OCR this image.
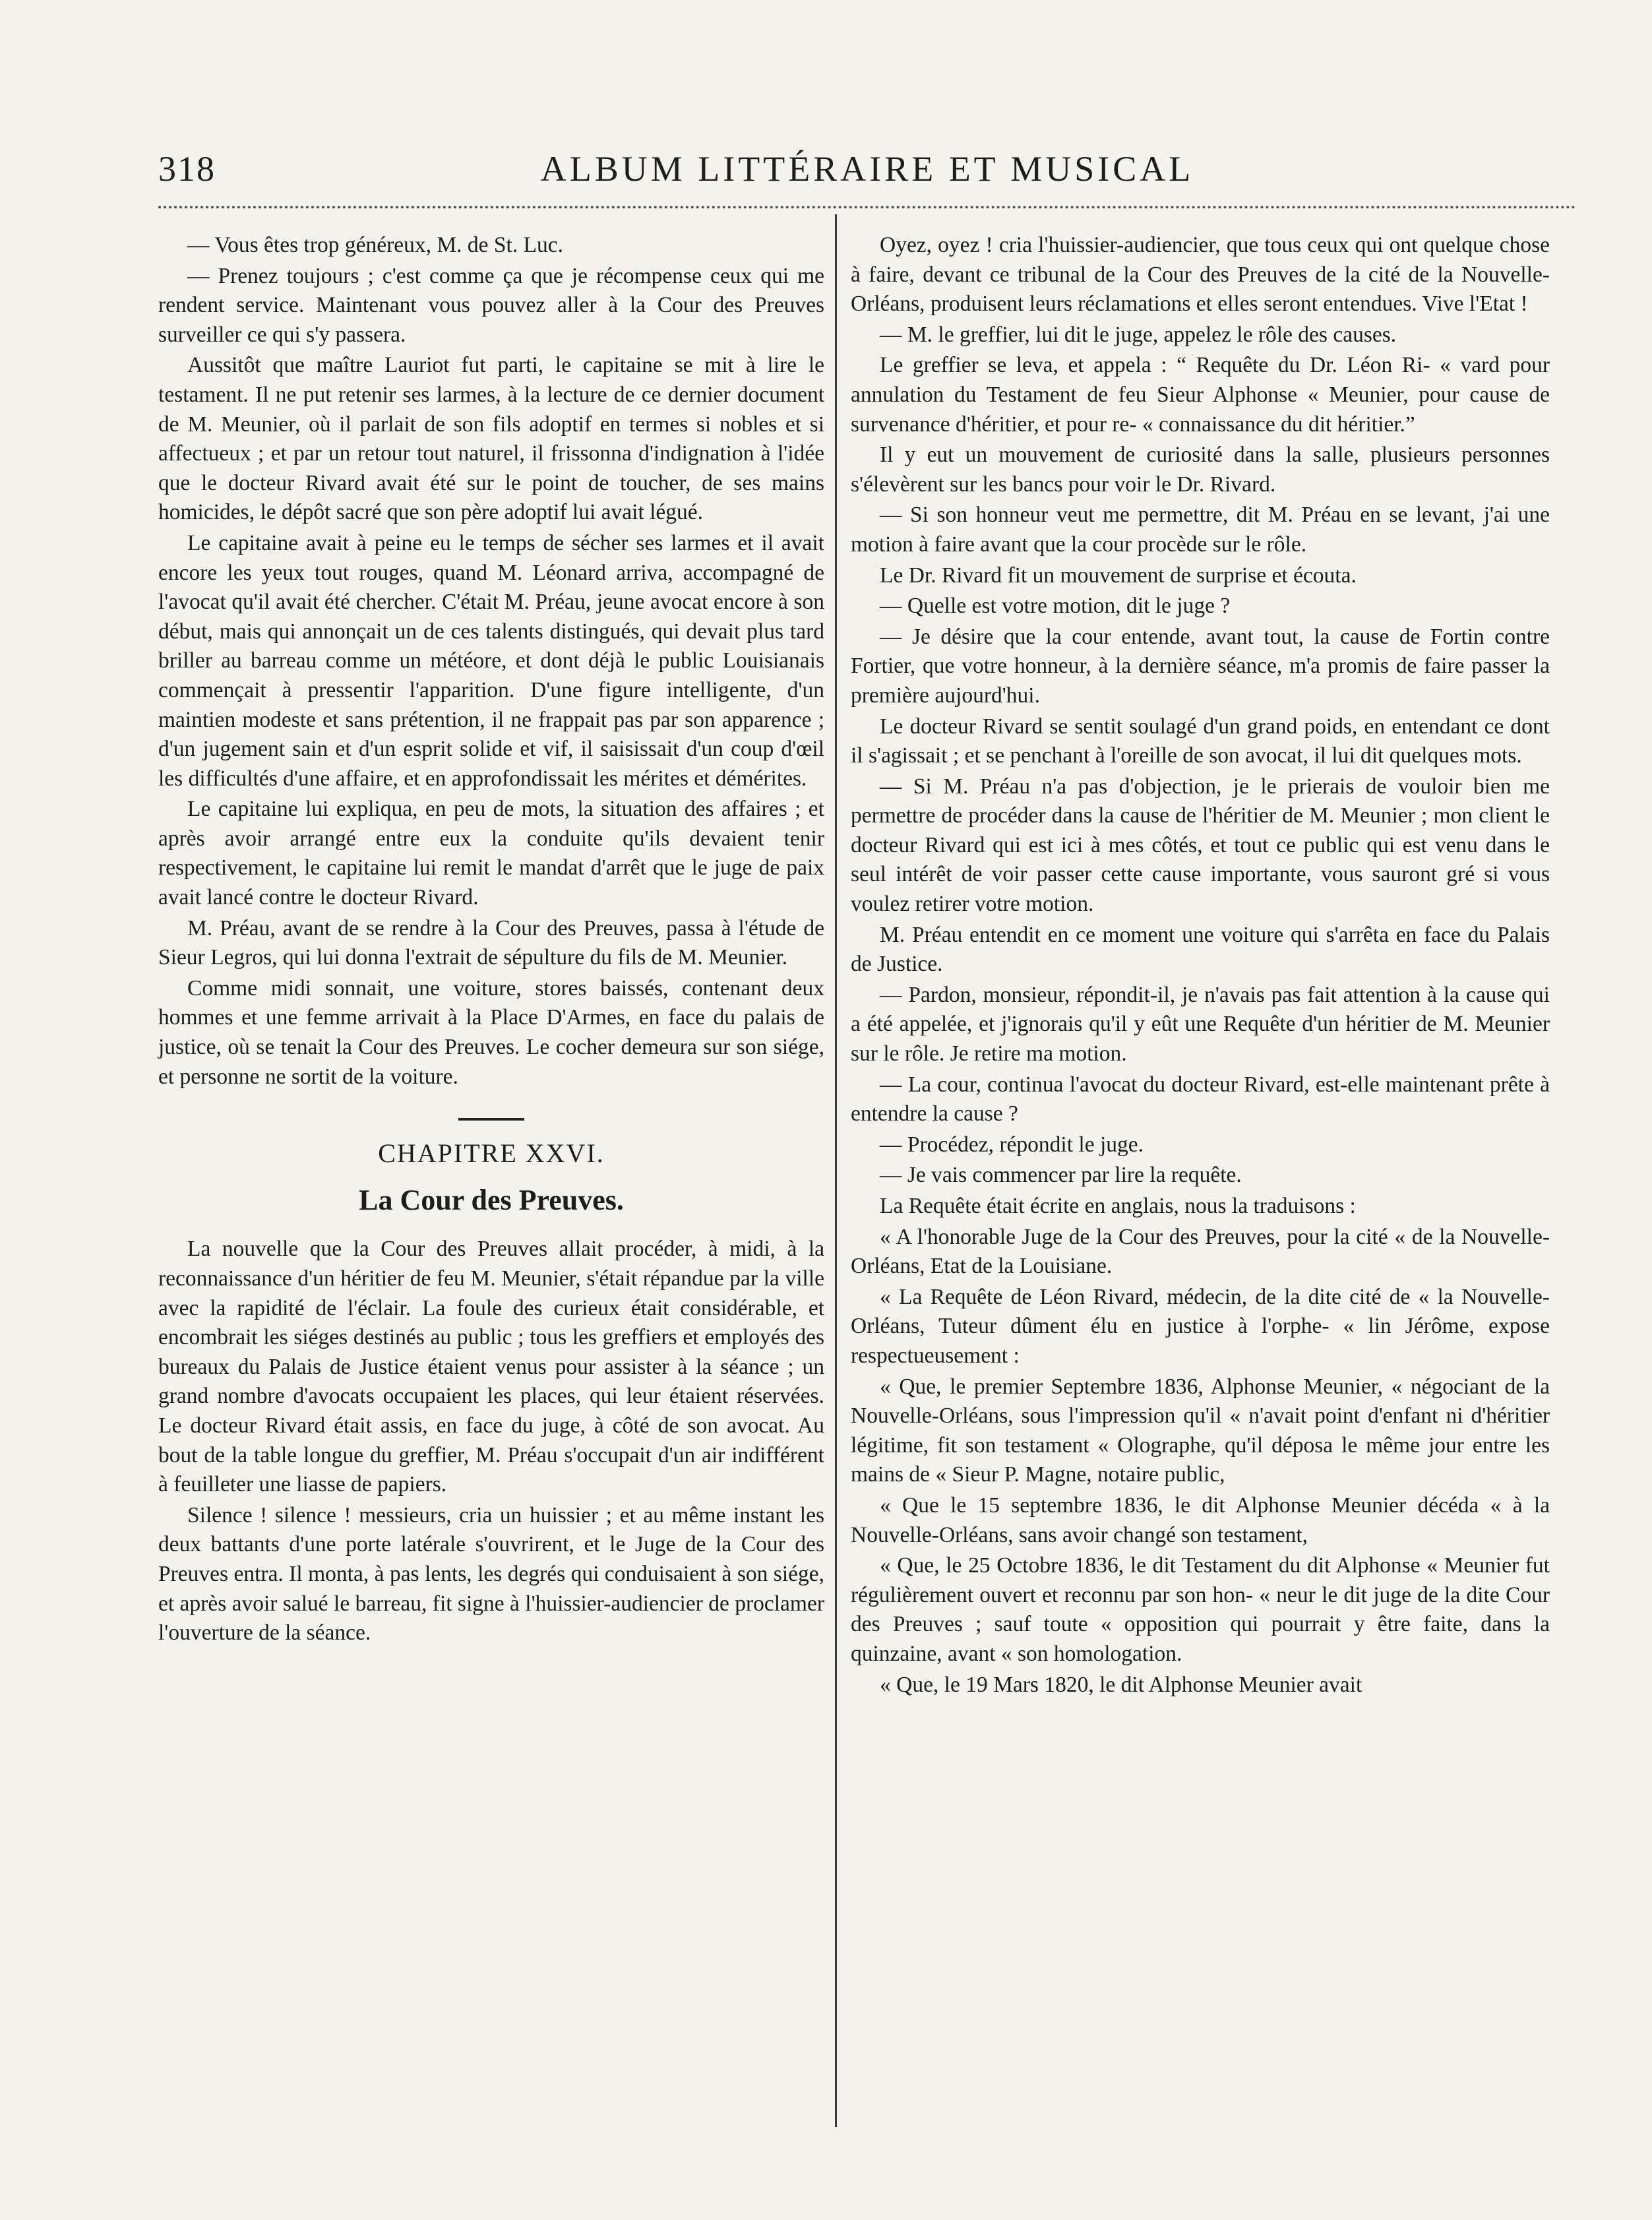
318	ALBUM LITTÉRAIRE ET MUSICAL

— Vous êtes trop généreux, M. de St. Luc.

— Prenez toujours ; c'est comme ça que je récompense ceux qui me rendent service. Maintenant vous pouvez aller à la Cour des Preuves surveiller ce qui s'y passera.

Aussitôt que maître Lauriot fut parti, le capitaine se mit à lire le testament. Il ne put retenir ses larmes, à la lecture de ce dernier document de M. Meunier, où il parlait de son fils adoptif en termes si nobles et si affectueux ; et par un retour tout naturel, il frissonna d'indignation à l'idée que le docteur Rivard avait été sur le point de toucher, de ses mains homicides, le dépôt sacré que son père adoptif lui avait légué.

Le capitaine avait à peine eu le temps de sécher ses larmes et il avait encore les yeux tout rouges, quand M. Léonard arriva, accompagné de l'avocat qu'il avait été chercher. C'était M. Préau, jeune avocat encore à son début, mais qui annonçait un de ces talents distingués, qui devait plus tard briller au barreau comme un météore, et dont déjà le public Louisianais commençait à pressentir l'apparition. D'une figure intelligente, d'un maintien modeste et sans prétention, il ne frappait pas par son apparence ; d'un jugement sain et d'un esprit solide et vif, il saisissait d'un coup d'œil les difficultés d'une affaire, et en approfondissait les mérites et démérites.

Le capitaine lui expliqua, en peu de mots, la situation des affaires ; et après avoir arrangé entre eux la conduite qu'ils devaient tenir respectivement, le capitaine lui remit le mandat d'arrêt que le juge de paix avait lancé contre le docteur Rivard.

M. Préau, avant de se rendre à la Cour des Preuves, passa à l'étude de Sieur Legros, qui lui donna l'extrait de sépulture du fils de M. Meunier.

Comme midi sonnait, une voiture, stores baissés, contenant deux hommes et une femme arrivait à la Place D'Armes, en face du palais de justice, où se tenait la Cour des Preuves. Le cocher demeura sur son siége, et personne ne sortit de la voiture.

CHAPITRE XXVI.
La Cour des Preuves.

La nouvelle que la Cour des Preuves allait procéder, à midi, à la reconnaissance d'un héritier de feu M. Meunier, s'était répandue par la ville avec la rapidité de l'éclair. La foule des curieux était considérable, et encombrait les siéges destinés au public ; tous les greffiers et employés des bureaux du Palais de Justice étaient venus pour assister à la séance ; un grand nombre d'avocats occupaient les places, qui leur étaient réservées. Le docteur Rivard était assis, en face du juge, à côté de son avocat. Au bout de la table longue du greffier, M. Préau s'occupait d'un air indifférent à feuilleter une liasse de papiers.

Silence ! silence ! messieurs, cria un huissier ; et au même instant les deux battants d'une porte latérale s'ouvrirent, et le Juge de la Cour des Preuves entra. Il monta, à pas lents, les degrés qui conduisaient à son siége, et après avoir salué le barreau, fit signe à l'huissier-audiencier de proclamer l'ouverture de la séance.

Oyez, oyez ! cria l'huissier-audiencier, que tous ceux qui ont quelque chose à faire, devant ce tribunal de la Cour des Preuves de la cité de la Nouvelle-Orléans, produisent leurs réclamations et elles seront entendues. Vive l'Etat !

— M. le greffier, lui dit le juge, appelez le rôle des causes.

Le greffier se leva, et appela : “ Requête du Dr. Léon Ri- « vard pour annulation du Testament de feu Sieur Alphonse « Meunier, pour cause de survenance d'héritier, et pour re- « connaissance du dit héritier.”

Il y eut un mouvement de curiosité dans la salle, plusieurs personnes s'élevèrent sur les bancs pour voir le Dr. Rivard.

— Si son honneur veut me permettre, dit M. Préau en se levant, j'ai une motion à faire avant que la cour procède sur le rôle.

Le Dr. Rivard fit un mouvement de surprise et écouta.

— Quelle est votre motion, dit le juge ?

— Je désire que la cour entende, avant tout, la cause de Fortin contre Fortier, que votre honneur, à la dernière séance, m'a promis de faire passer la première aujourd'hui.

Le docteur Rivard se sentit soulagé d'un grand poids, en entendant ce dont il s'agissait ; et se penchant à l'oreille de son avocat, il lui dit quelques mots.

— Si M. Préau n'a pas d'objection, je le prierais de vouloir bien me permettre de procéder dans la cause de l'héritier de M. Meunier ; mon client le docteur Rivard qui est ici à mes côtés, et tout ce public qui est venu dans le seul intérêt de voir passer cette cause importante, vous sauront gré si vous voulez retirer votre motion.

M. Préau entendit en ce moment une voiture qui s'arrêta en face du Palais de Justice.

— Pardon, monsieur, répondit-il, je n'avais pas fait attention à la cause qui a été appelée, et j'ignorais qu'il y eût une Requête d'un héritier de M. Meunier sur le rôle. Je retire ma motion.

— La cour, continua l'avocat du docteur Rivard, est-elle maintenant prête à entendre la cause ?

— Procédez, répondit le juge.

— Je vais commencer par lire la requête.

La Requête était écrite en anglais, nous la traduisons :

« A l'honorable Juge de la Cour des Preuves, pour la cité « de la Nouvelle-Orléans, Etat de la Louisiane.

« La Requête de Léon Rivard, médecin, de la dite cité de « la Nouvelle-Orléans, Tuteur dûment élu en justice à l'orphe- « lin Jérôme, expose respectueusement :

« Que, le premier Septembre 1836, Alphonse Meunier, « négociant de la Nouvelle-Orléans, sous l'impression qu'il « n'avait point d'enfant ni d'héritier légitime, fit son testament « Olographe, qu'il déposa le même jour entre les mains de « Sieur P. Magne, notaire public,

« Que le 15 septembre 1836, le dit Alphonse Meunier décéda « à la Nouvelle-Orléans, sans avoir changé son testament,

« Que, le 25 Octobre 1836, le dit Testament du dit Alphonse « Meunier fut régulièrement ouvert et reconnu par son hon- « neur le dit juge de la dite Cour des Preuves ; sauf toute « opposition qui pourrait y être faite, dans la quinzaine, avant « son homologation.

« Que, le 19 Mars 1820, le dit Alphonse Meunier avait
